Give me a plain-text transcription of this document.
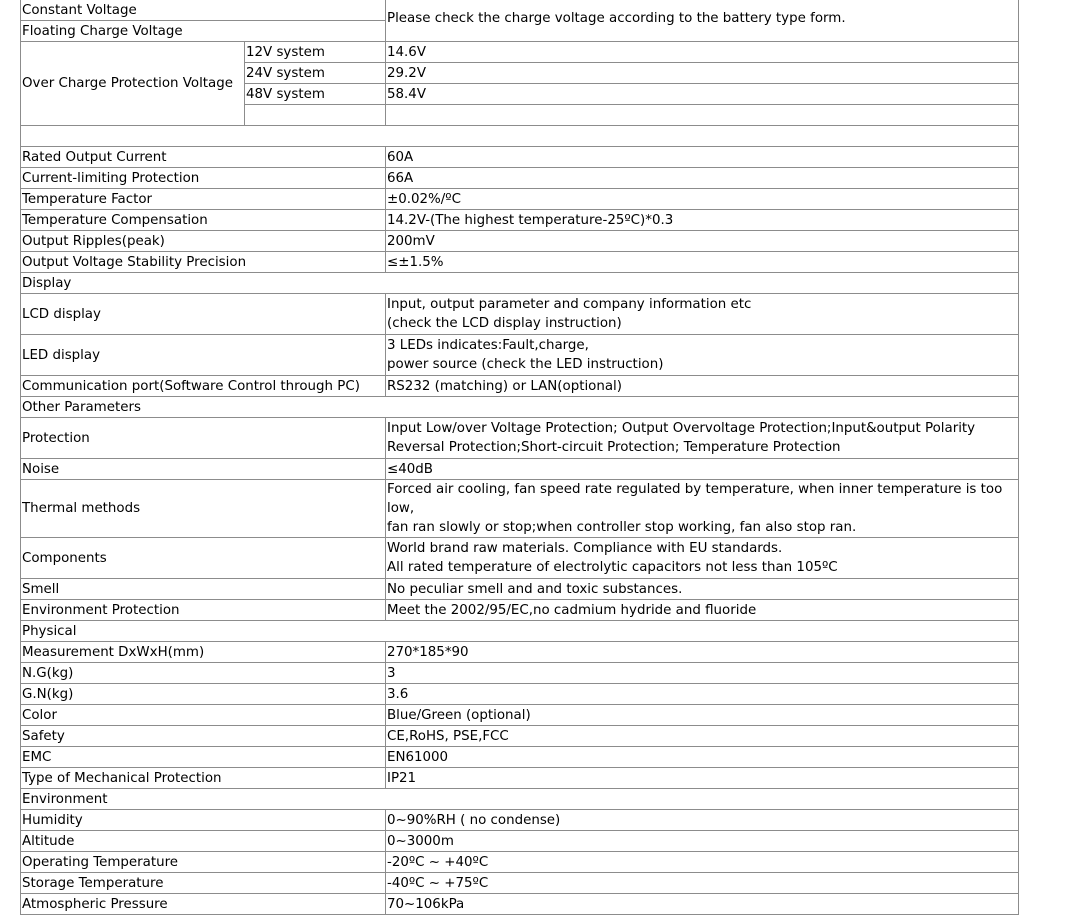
Constant Voltage		Please check the charge voltage according to the battery type form.
Floating Charge Voltage		
Over Charge Protection Voltage	12V system	14.6V
	24V system	29.2V
	48V system	58.4V

Rated Output Current		60A
Current-limiting Protection		66A
Temperature Factor		±0.02%/ºC
Temperature Compensation		14.2V-(The highest temperature-25ºC)*0.3
Output Ripples(peak)		200mV
Output Voltage Stability Precision		≤±1.5%
Display		
LCD display		Input, output parameter and company information etc
(check the LCD display instruction)

LED display		3 LEDs indicates:Fault,charge,
power source (check the LED instruction)

Communication port(Software Control through PC)		RS232 (matching) or LAN(optional)
Other Parameters		
Protection		Input Low/over Voltage Protection; Output Overvoltage Protection;Input&output Polarity
Reversal Protection;Short-circuit Protection; Temperature Protection

Noise		≤40dB
Thermal methods		Forced air cooling, fan speed rate regulated by temperature, when inner temperature is too low,
fan ran slowly or stop;when controller stop working, fan also stop ran.

Components		World brand raw materials. Compliance with EU standards.
All rated temperature of electrolytic capacitors not less than 105ºC

Smell		No peculiar smell and and toxic substances.
Environment Protection		Meet the 2002/95/EC,no cadmium hydride and fluoride
Physical		
Measurement DxWxH(mm)		270*185*90
N.G(kg)		3
G.N(kg)		3.6
Color		Blue/Green (optional)
Safety		CE,RoHS, PSE,FCC
EMC		EN61000
Type of Mechanical Protection		IP21
Environment		
Humidity		0~90%RH ( no condense)
Altitude		0~3000m
Operating Temperature		-20ºC ~ +40ºC
Storage Temperature		-40ºC ~ +75ºC
Atmospheric Pressure		70~106kPa
